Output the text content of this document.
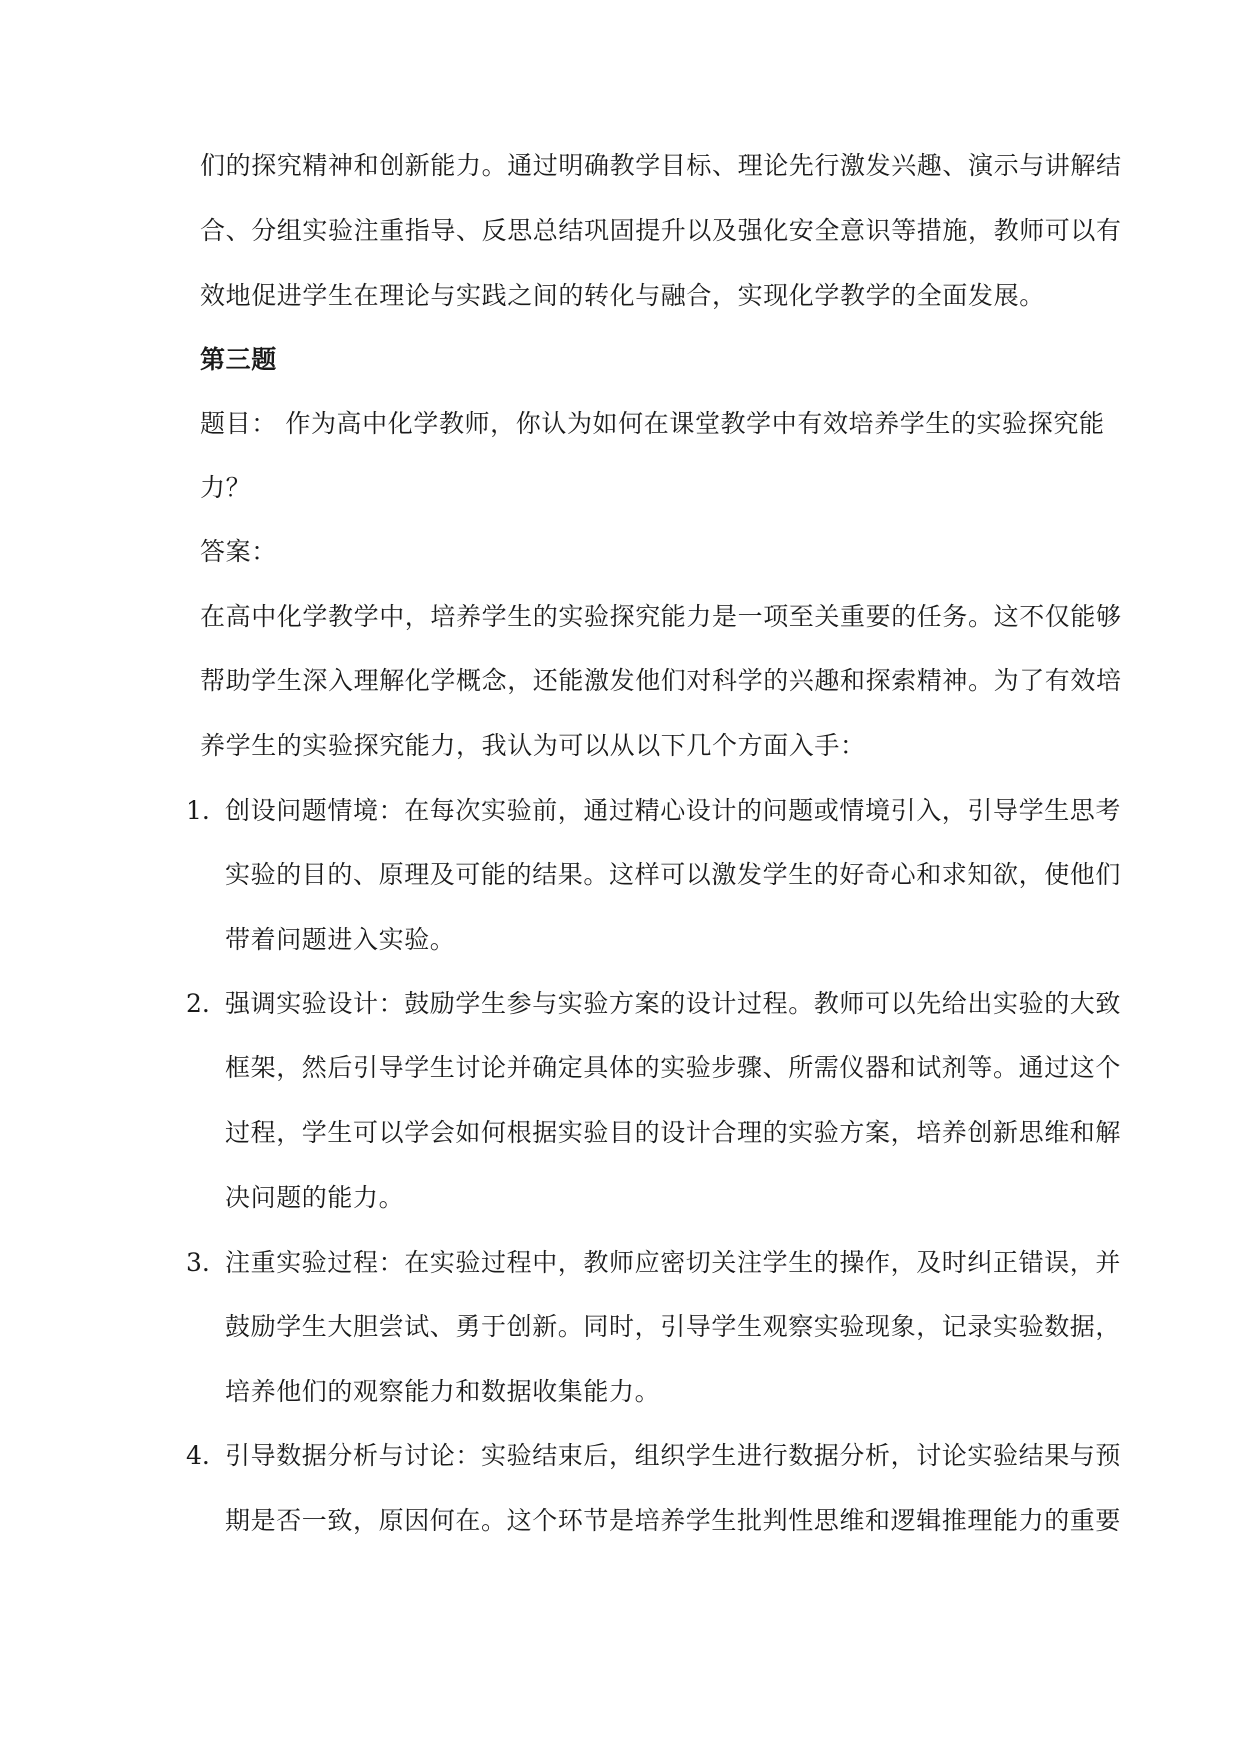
们的探究精神和创新能力。通过明确教学目标、理论先行激发兴趣、演示与讲解结
合、分组实验注重指导、反思总结巩固提升以及强化安全意识等措施，教师可以有
效地促进学生在理论与实践之间的转化与融合，实现化学教学的全面发展。
第三题
题目： 作为高中化学教师，你认为如何在课堂教学中有效培养学生的实验探究能
力？
答案：
在高中化学教学中，培养学生的实验探究能力是一项至关重要的任务。这不仅能够
帮助学生深入理解化学概念，还能激发他们对科学的兴趣和探索精神。为了有效培
养学生的实验探究能力，我认为可以从以下几个方面入手：
1. 创设问题情境：在每次实验前，通过精心设计的问题或情境引入，引导学生思考
实验的目的、原理及可能的结果。这样可以激发学生的好奇心和求知欲，使他们
带着问题进入实验。
2. 强调实验设计：鼓励学生参与实验方案的设计过程。教师可以先给出实验的大致
框架，然后引导学生讨论并确定具体的实验步骤、所需仪器和试剂等。通过这个
过程，学生可以学会如何根据实验目的设计合理的实验方案，培养创新思维和解
决问题的能力。
3. 注重实验过程：在实验过程中，教师应密切关注学生的操作，及时纠正错误，并
鼓励学生大胆尝试、勇于创新。同时，引导学生观察实验现象，记录实验数据，
培养他们的观察能力和数据收集能力。
4. 引导数据分析与讨论：实验结束后，组织学生进行数据分析，讨论实验结果与预
期是否一致，原因何在。这个环节是培养学生批判性思维和逻辑推理能力的重要
